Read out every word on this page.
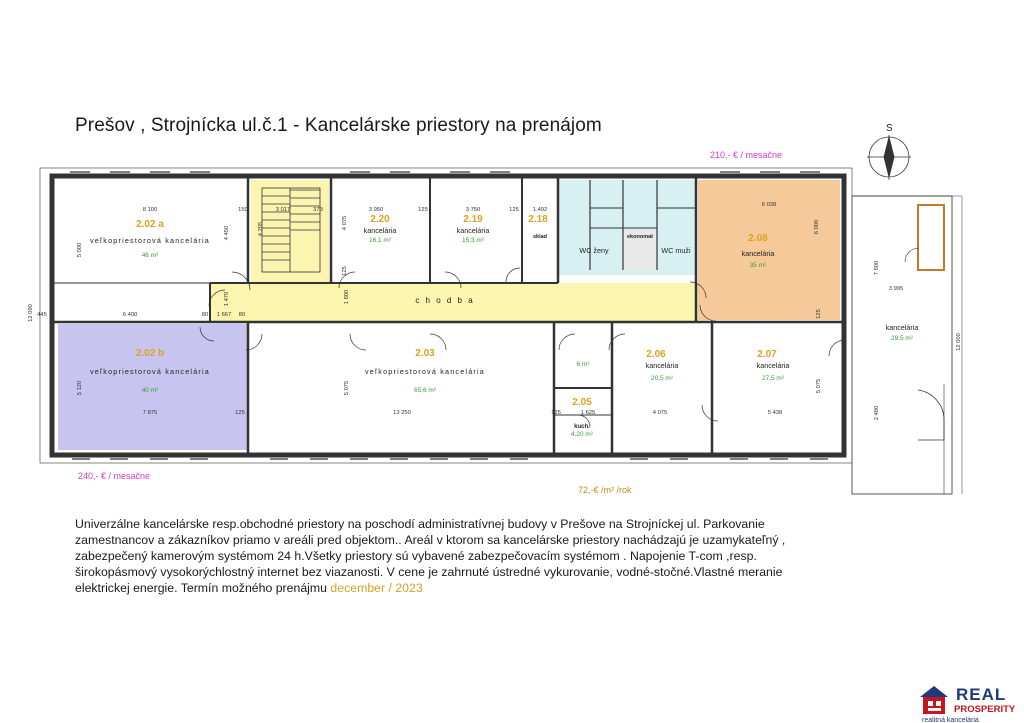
Prešov , Strojnícka ul.č.1 - Kancelárske priestory na prenájom
2.02 a
2.02 b
2.20	2.19	2.18
2.08
2.03	2.06	2.07
2.05
veľkopriestorová kancelária
veľkopriestorová kancelária
kancelária	kancelária
sklad
kancelária
veľkopriestorová kancelária
kancelária	kancelária
kuch.
WC ženy	WC muži
ekonomat
kancelária
c h o d b a
46 m²
40 m²
16,1 m²	15,3 m²
35 m²
65,6 m²
20,5 m²	27,5 m²
4,20 m²
6 m²
29,5 m²
8 100	150	3 017	373	3 950	125	3 750	125 1.492
6 038
6 400	80 1 667 80
7 875	125	13 250	125	1 625	4 075	5 438
12 090 445
5 000
4 450	4 205	4 075
1 800
1 470
5 120	5 075	5 075
6 000
7 500
3 995
12 000
2 480
125
125
S
210,- € / mesačne
240,- € / mesačne
72,-€ /m² /rok
Univerzálne kancelárske resp.obchodné priestory na poschodí administratívnej budovy v Prešove na Strojníckej ul. Parkovanie zamestnancov a zákazníkov priamo v areáli pred objektom.. Areál v ktorom sa kancelárske priestory nachádzajú je uzamykateľný , zabezpečený kamerovým systémom 24 h.Všetky priestory sú vybavené zabezpečovacím systémom . Napojenie T-com ,resp. širokopásmový vysokorýchlostný internet bez viazanosti. V cene je zahrnuté ústredné vykurovanie, vodné-stočné.Vlastné meranie elektrickej energie. Termín možného prenájmu december / 2023
REAL
PROSPERITY
realitná kancelária
